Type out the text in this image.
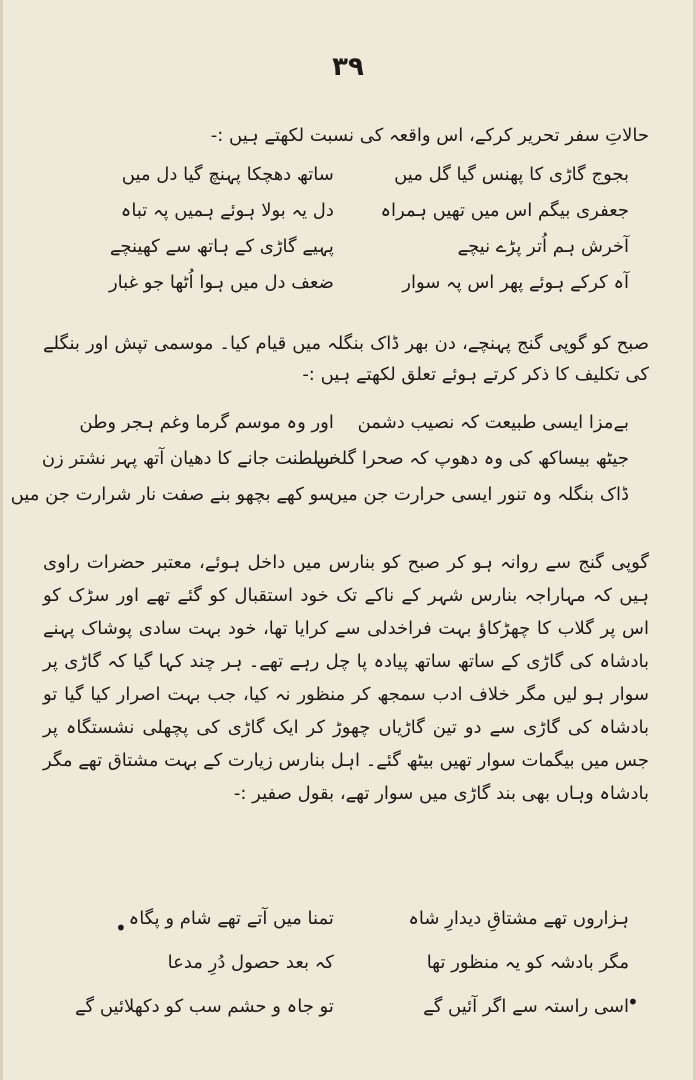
۳۹

حالاتِ سفر تحریر کرکے، اس واقعہ کی نسبت لکھتے ہیں :-

بجوج گاڑی کا پھنس گیا گل میں
ساتھ دھچکا پہنچ گیا دل میں
جعفری بیگم اس میں تھیں ہمراہ
دل یہ بولا ہوئے ہمیں پہ تباہ
آخرش ہم اُتر پڑے نیچے
پہیے گاڑی کے ہاتھ سے کھینچے
آہ کرکے ہوئے پھر اس پہ سوار
ضعف دل میں ہوا اُٹھا جو غبار

صبح کو گوپی گنج پہنچے، دن بھر ڈاک بنگلہ میں قیام کیا۔ موسمی تپش اور بنگلے کی تکلیف کا ذکر کرتے ہوئے تعلق لکھتے ہیں :-

بےمزا ایسی طبیعت کہ نصیب دشمن
اور وہ موسم گرما وغم ہجر وطن
جیٹھ بیساکھ کی وہ دھوپ کہ صحرا گلخن
سلطنت جانے کا دھیان آتھ پہر نشتر زن
ڈاک بنگلہ وہ تنور ایسی حرارت جن میں
سو کھے بچھو بنے صفت نار شرارت جن میں

گوپی گنج سے روانہ ہو کر صبح کو بنارس میں داخل ہوئے، معتبر حضرات راوی ہیں کہ مہاراجہ بنارس شہر کے ناکے تک خود استقبال کو گئے تھے اور سڑک کو اس پر گلاب کا چھڑکاؤ بہت فراخدلی سے کرایا تھا، خود بہت سادی پوشاک پہنے بادشاہ کی گاڑی کے ساتھ ساتھ پیادہ پا چل رہے تھے۔ ہر چند کہا گیا کہ گاڑی پر سوار ہو لیں مگر خلاف ادب سمجھ کر منظور نہ کیا، جب بہت اصرار کیا گیا تو بادشاہ کی گاڑی سے دو تین گاڑیاں چھوڑ کر ایک گاڑی کی پچھلی نشستگاہ پر جس میں بیگمات سوار تھیں بیٹھ گئے۔ اہل بنارس زیارت کے بہت مشتاق تھے مگر بادشاہ وہاں بھی بند گاڑی میں سوار تھے، بقول صفیر :-

ہزاروں تھے مشتاقِ دیدارِ شاہ
تمنا میں آتے تھے شام و پگاہ
مگر بادشہ کو یہ منظور تھا
کہ بعد حصول دُرِ مدعا
اسی راستہ سے اگر آئیں گے
تو جاہ و حشم سب کو دکھلائیں گے
•
•
